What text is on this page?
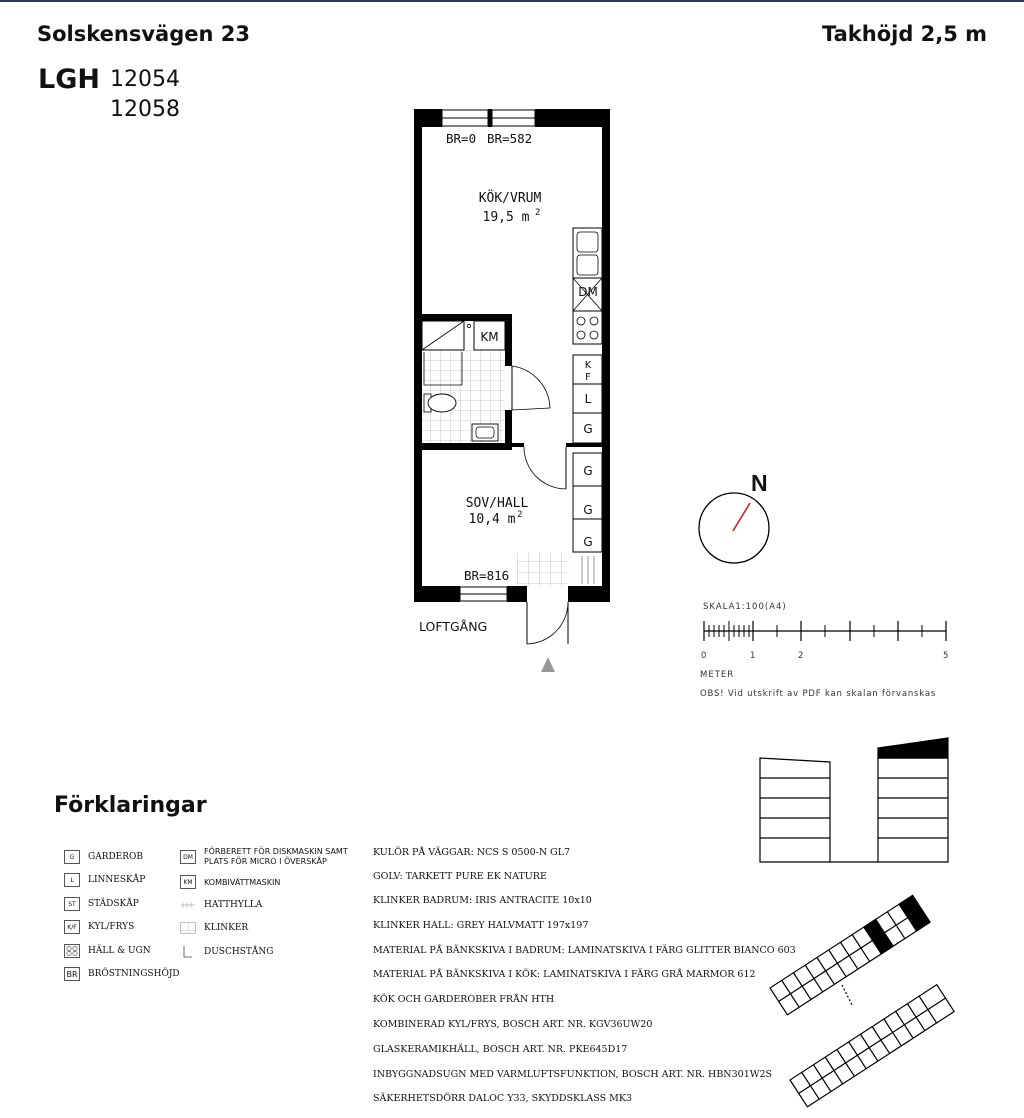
Solskensvägen 23	Takhöjd 2,5 m
LGH 12054
12058
KM
DM
K
F
L
G
G
G
G
KÖK/VRUM
19,5 m 2
SOV/HALL
10,4 m 2
BR=0 BR=582
BR=816
LOFTGÅNG
N
SKALA1:100(A4)
0	1	2	5
METER
OBS! Vid utskrift av PDF kan skalan förvanskas
Förklaringar
G	GARDEROB
L	LINNESKÅP
ST	STÄDSKÅP
K/F	KYL/FRYS
HÄLL & UGN
BR BRÖSTNINGSHÖJD
DM
FÖRBERETT FÖR DISKMASKIN SAMT
PLATS FÖR MICRO I ÖVERSKÅP
KM	KOMBIVÄTTMASKIN
HATTHYLLA
KLINKER
DUSCHSTÅNG
KULÖR PÅ VÄGGAR: NCS S 0500-N GL7
GOLV: TARKETT PURE EK NATURE
KLINKER BADRUM: IRIS ANTRACITE 10x10
KLINKER HALL: GREY HALVMATT 197x197
MATERIAL PÅ BÄNKSKIVA I BADRUM: LAMINATSKIVA I FÄRG GLITTER BIANCO 603
MATERIAL PÅ BÄNKSKIVA I KÖK: LAMINATSKIVA I FÄRG GRÅ MARMOR 612
KÖK OCH GARDEROBER FRÅN HTH
KOMBINERAD KYL/FRYS, BOSCH ART. NR. KGV36UW20
GLASKERAMIKHÄLL, BOSCH ART. NR. PKE645D17
INBYGGNADSUGN MED VARMLUFTSFUNKTION, BOSCH ART. NR. HBN301W2S
SÄKERHETSDÖRR DALOC Y33, SKYDDSKLASS MK3
